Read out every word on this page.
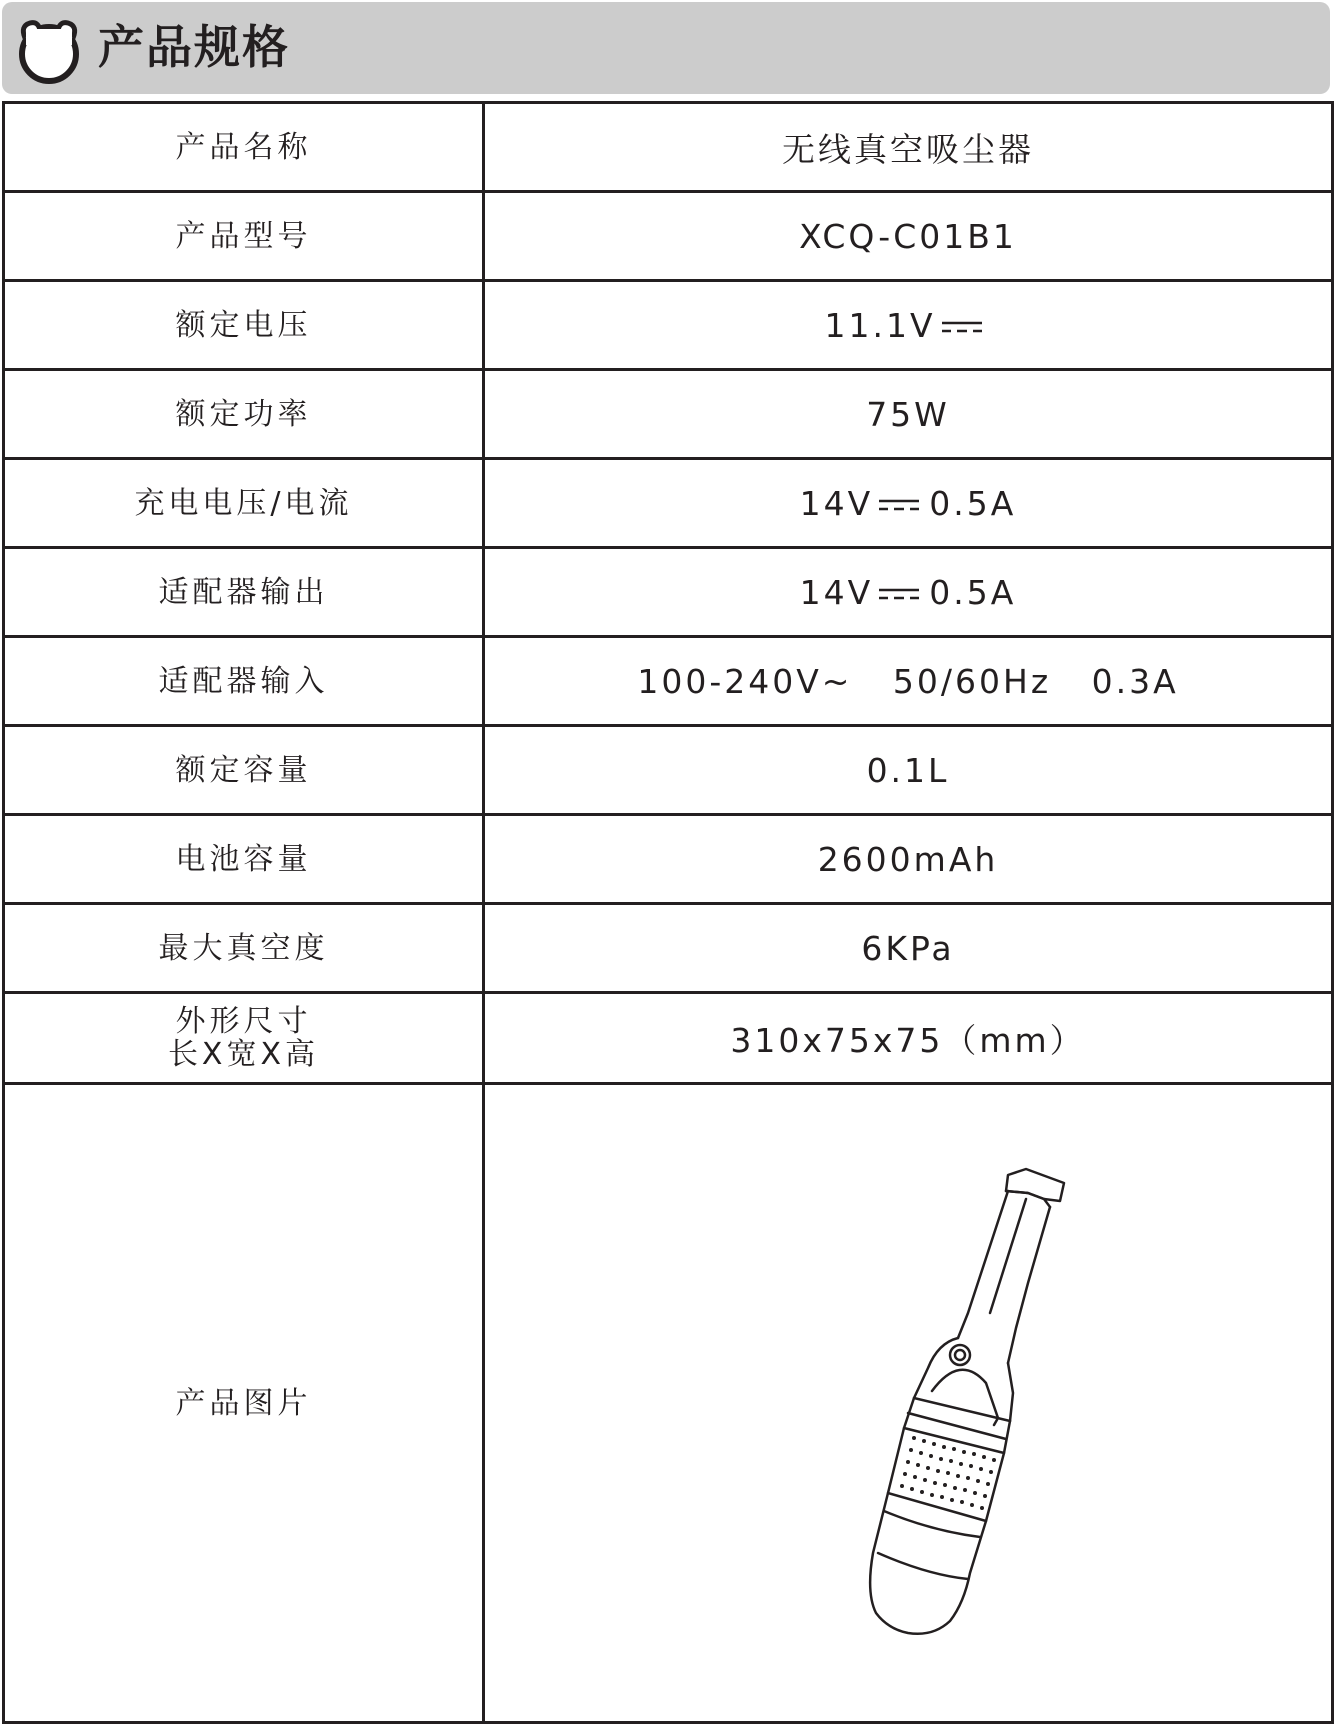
产品规格
产品名称	无线真空吸尘器
产品型号	XCQ-C01B1
额定电压	11.1V
额定功率	75W
充电电压/电流	14V 0.5A
适配器输出	14V 0.5A
适配器输入	100-240V~   50/60Hz   0.3A
额定容量	0.1L
电池容量	2600mAh
最大真空度	6KPa

外形尺寸
长X宽X高	310x75x75（mm）
产品图片	
